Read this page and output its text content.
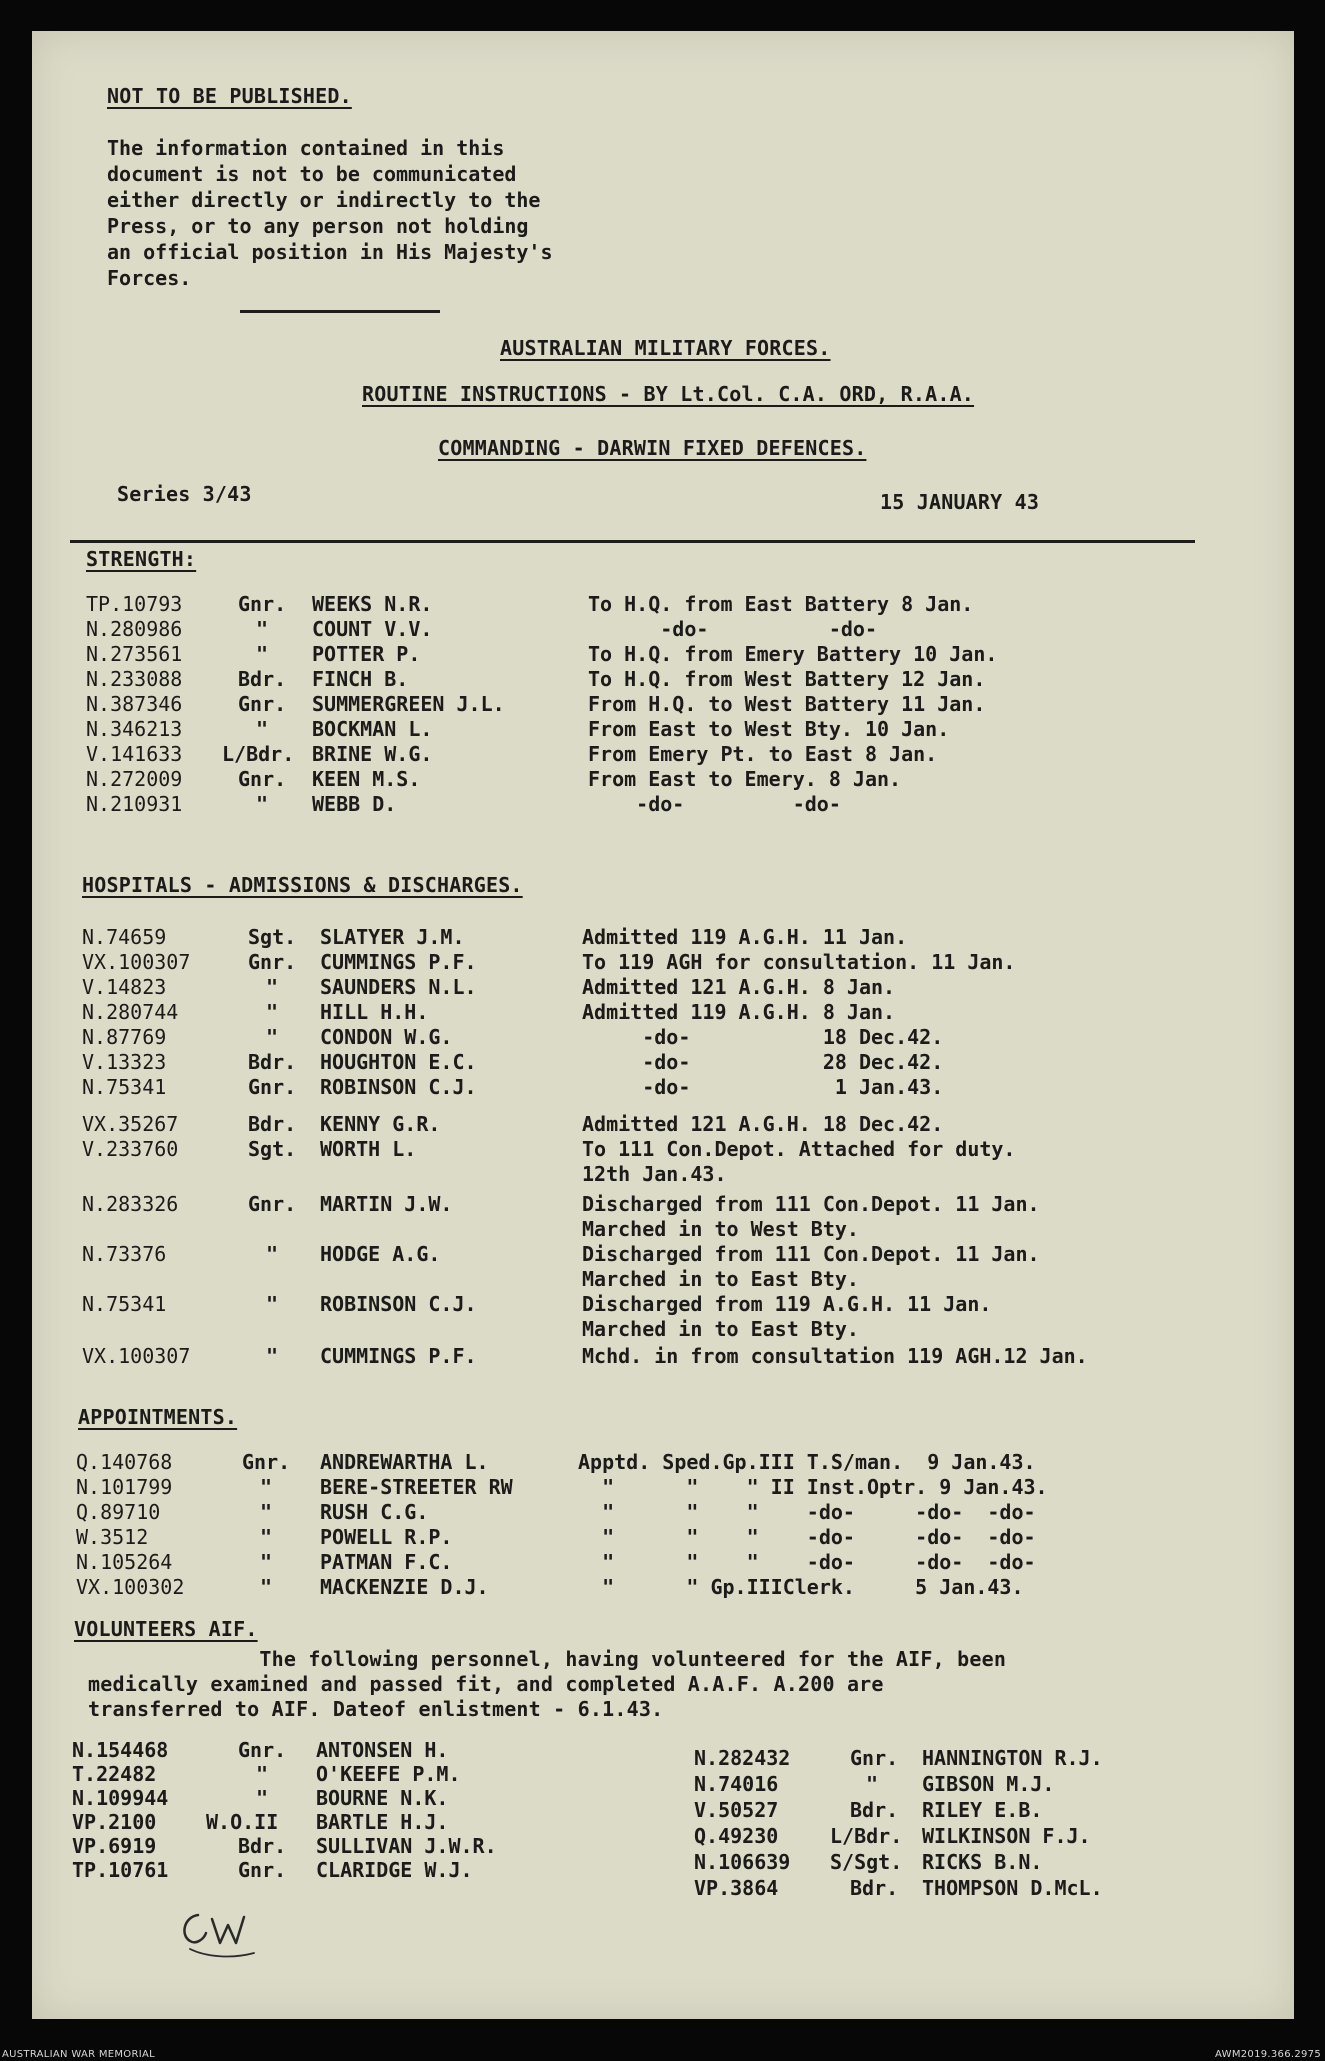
NOT TO BE PUBLISHED.

The information contained in this

document is not to be communicated

either directly or indirectly to the

Press, or to any person not holding

an official position in His Majesty's

Forces.

AUSTRALIAN MILITARY FORCES.

ROUTINE INSTRUCTIONS - BY Lt.Col. C.A. ORD, R.A.A.

COMMANDING - DARWIN FIXED DEFENCES.

Series 3/43	15 JANUARY 43

STRENGTH:

TP.10793	Gnr. WEEKS N.R.	To H.Q. from East Battery 8 Jan.
N.280986	" COUNT V.V.	-do-          -do-
N.273561	" POTTER P.	To H.Q. from Emery Battery 10 Jan.
N.233088	Bdr. FINCH B.	To H.Q. from West Battery 12 Jan.
N.387346	Gnr. SUMMERGREEN J.L.	From H.Q. to West Battery 11 Jan.
N.346213	" BOCKMAN L.	From East to West Bty. 10 Jan.
V.141633 L/Bdr. BRINE W.G.	From Emery Pt. to East 8 Jan.
N.272009	Gnr. KEEN M.S.	From East to Emery. 8 Jan.
N.210931	" WEBB D.	-do-         -do-

HOSPITALS - ADMISSIONS & DISCHARGES.

N.74659	Sgt. SLATYER J.M.	Admitted 119 A.G.H. 11 Jan.
VX.100307	Gnr. CUMMINGS P.F.	To 119 AGH for consultation. 11 Jan.
V.14823	" SAUNDERS N.L.	Admitted 121 A.G.H. 8 Jan.
N.280744	" HILL H.H.	Admitted 119 A.G.H. 8 Jan.
N.87769	" CONDON W.G.	-do-           18 Dec.42.
V.13323	Bdr. HOUGHTON E.C.	-do-           28 Dec.42.
N.75341	Gnr. ROBINSON C.J.	-do-            1 Jan.43.
VX.35267	Bdr. KENNY G.R.	Admitted 121 A.G.H. 18 Dec.42.
V.233760	Sgt. WORTH L.	To 111 Con.Depot. Attached for duty.
12th Jan.43.
N.283326	Gnr. MARTIN J.W.	Discharged from 111 Con.Depot. 11 Jan.
Marched in to West Bty.
N.73376	" HODGE A.G.	Discharged from 111 Con.Depot. 11 Jan.
Marched in to East Bty.
N.75341	" ROBINSON C.J.	Discharged from 119 A.G.H. 11 Jan.
Marched in to East Bty.
VX.100307	" CUMMINGS P.F.	Mchd. in from consultation 119 AGH.12 Jan.

APPOINTMENTS.

Q.140768	Gnr. ANDREWARTHA L.	Apptd. Sped.Gp.III T.S/man.  9 Jan.43.
N.101799	" BERE-STREETER RW	"      "    " II Inst.Optr. 9 Jan.43.
Q.89710	" RUSH C.G.	"      "    "    -do-     -do-  -do-
W.3512	" POWELL R.P.	"      "    "    -do-     -do-  -do-
N.105264	" PATMAN F.C.	"      "    "    -do-     -do-  -do-
VX.100302	" MACKENZIE D.J.	"      " Gp.IIIClerk.     5 Jan.43.

VOLUNTEERS AIF.

The following personnel, having volunteered for the AIF, been

medically examined and passed fit, and completed A.A.F. A.200 are

transferred to AIF. Dateof enlistment - 6.1.43.

N.154468	Gnr. ANTONSEN H.
T.22482	" O'KEEFE P.M.
N.109944	" BOURNE N.K.
VP.2100 W.O.II BARTLE H.J.
VP.6919	Bdr. SULLIVAN J.W.R.
TP.10761	Gnr. CLARIDGE W.J.
N.282432	Gnr. HANNINGTON R.J.
N.74016	" GIBSON M.J.
V.50527	Bdr. RILEY E.B.
Q.49230	L/Bdr. WILKINSON F.J.
N.106639 S/Sgt. RICKS B.N.
VP.3864	Bdr. THOMPSON D.McL.
AUSTRALIAN WAR MEMORIAL	AWM2019.366.2975
